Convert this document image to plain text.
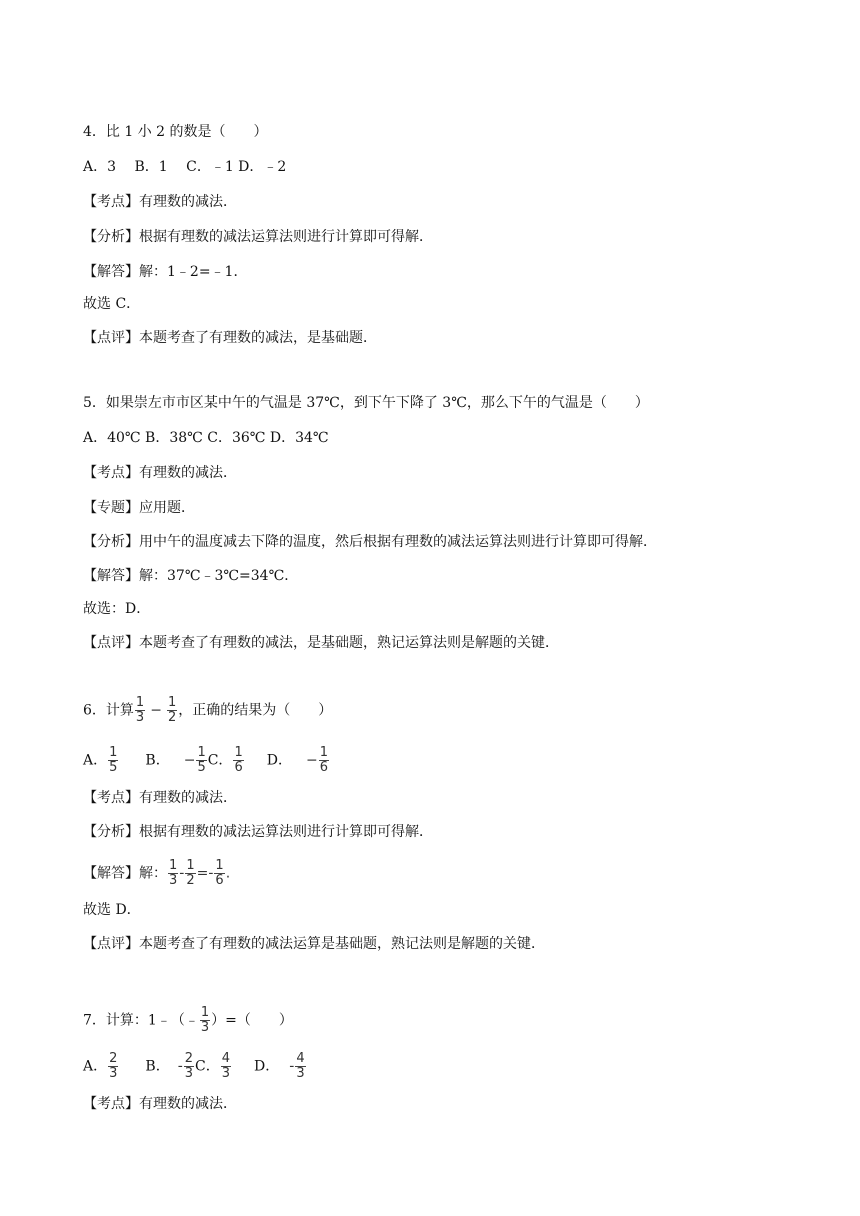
4．比 1 小 2 的数是（　　）
A．3　 B．1　 C．﹣1 D．﹣2
【考点】有理数的减法．
【分析】根据有理数的减法运算法则进行计算即可得解．
【解答】解：1﹣2=﹣1．
故选 C．
【点评】本题考查了有理数的减法，是基础题．
5．如果崇左市市区某中午的气温是 37℃，到下午下降了 3℃，那么下午的气温是（　　）
A．40℃ B．38℃ C．36℃ D．34℃
【考点】有理数的减法．
【专题】应用题．
【分析】用中午的温度减去下降的温度，然后根据有理数的减法运算法则进行计算即可得解．
【解答】解：37℃﹣3℃=34℃．
故选：D．
【点评】本题考查了有理数的减法，是基础题，熟记运算法则是解题的关键．
6．计算 $\frac{1}{3} - \frac{1}{2}$ ，正确的结果为（　　）
A． $\frac{1}{5}$ B． − $\frac{1}{5}$ C． $\frac{1}{6}$ D． − $\frac{1}{6}$
【考点】有理数的减法．
【分析】根据有理数的减法运算法则进行计算即可得解．
【解答】解： $\frac{1}{3} - \frac{1}{2} =- \frac{1}{6}$ .
故选 D．
【点评】本题考查了有理数的减法运算是基础题，熟记法则是解题的关键．
7．计算：1﹣（﹣ $\frac{1}{3}$ ）=（　　）
A． $\frac{2}{3}$ B． - $\frac{2}{3}$ C． $\frac{4}{3}$ D． - $\frac{4}{3}$
【考点】有理数的减法．
